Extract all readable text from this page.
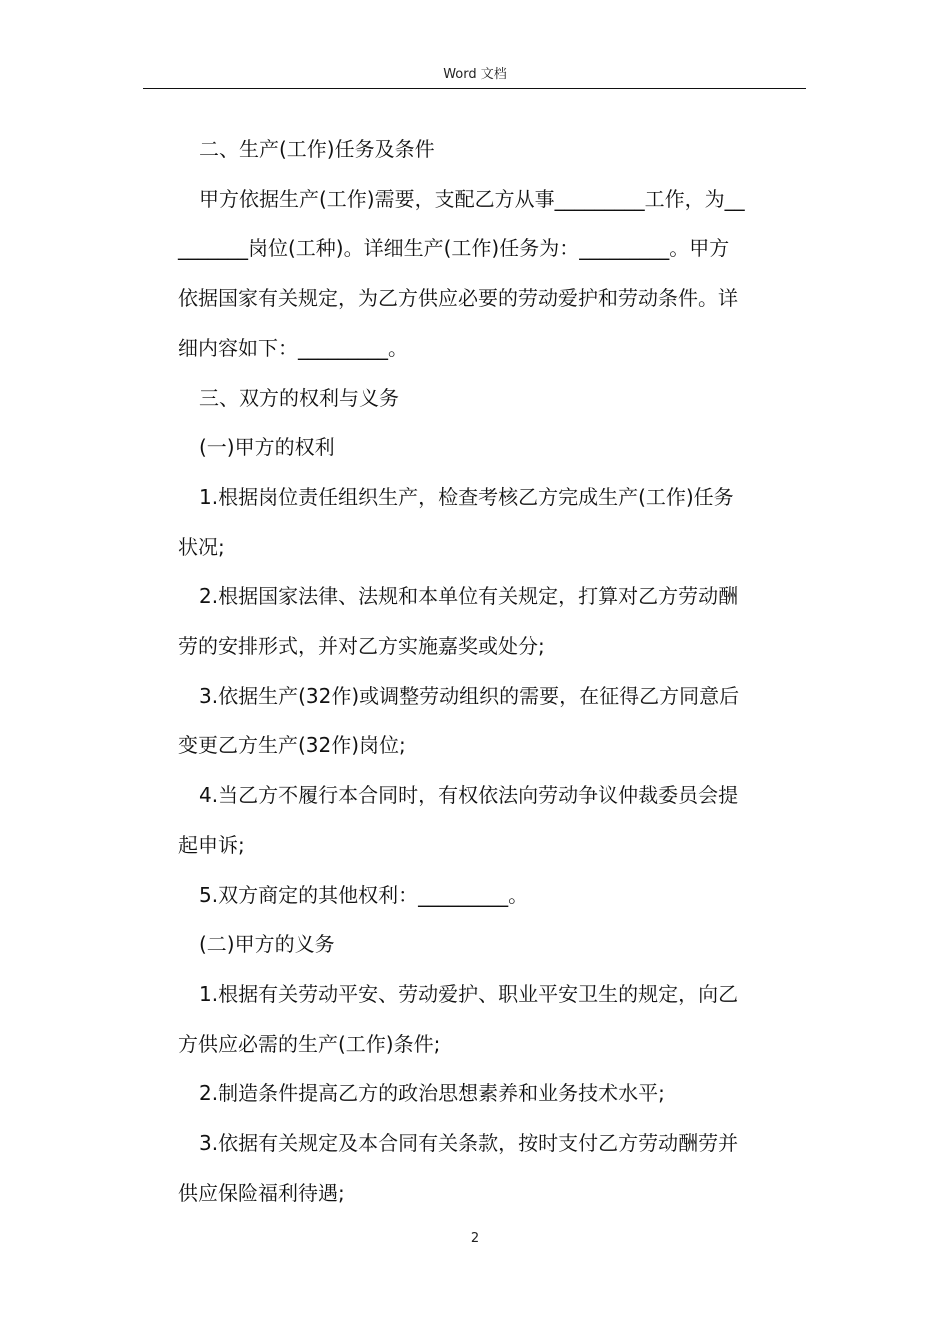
Word 文档

二、生产(工作)任务及条件

甲方依据生产(工作)需要，支配乙方从事_________工作，为__

_______岗位(工种)。详细生产(工作)任务为：_________。甲方

依据国家有关规定，为乙方供应必要的劳动爱护和劳动条件。详

细内容如下：_________。

三、双方的权利与义务

(一)甲方的权利

1.根据岗位责任组织生产，检查考核乙方完成生产(工作)任务

状况;

2.根据国家法律、法规和本单位有关规定，打算对乙方劳动酬

劳的安排形式，并对乙方实施嘉奖或处分;

3.依据生产(32作)或调整劳动组织的需要，在征得乙方同意后

变更乙方生产(32作)岗位;

4.当乙方不履行本合同时，有权依法向劳动争议仲裁委员会提

起申诉;

5.双方商定的其他权利：_________。

(二)甲方的义务

1.根据有关劳动平安、劳动爱护、职业平安卫生的规定，向乙

方供应必需的生产(工作)条件;

2.制造条件提高乙方的政治思想素养和业务技术水平;

3.依据有关规定及本合同有关条款，按时支付乙方劳动酬劳并

供应保险福利待遇;

2
